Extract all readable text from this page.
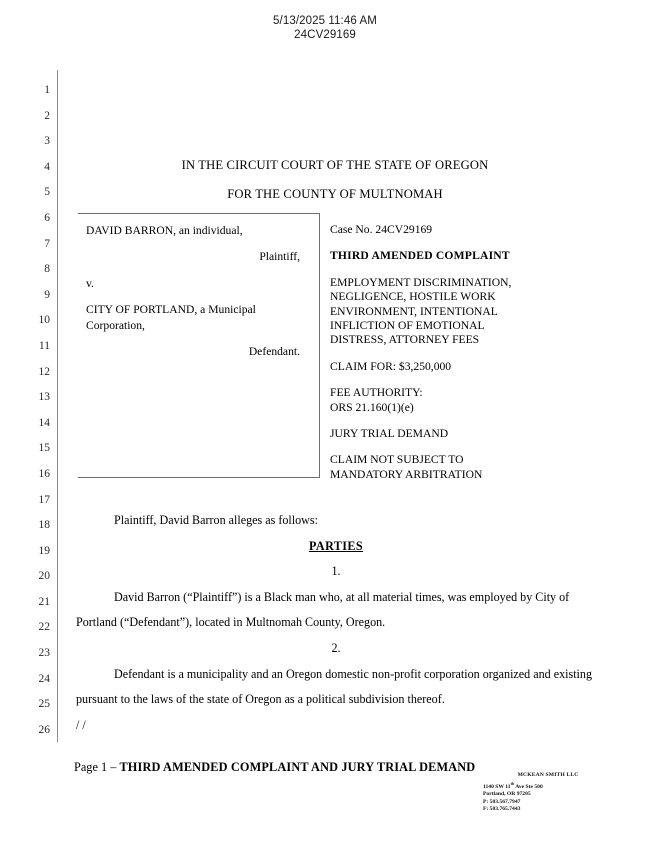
5/13/2025 11:46 AM
24CV29169
1
2
3
4
5
6
7
8
9
10
11
12
13
14
15
16
17
18
19
20
21
22
23
24
25
26
IN THE CIRCUIT COURT OF THE STATE OF OREGON
FOR THE COUNTY OF MULTNOMAH
DAVID BARRON, an individual,
Plaintiff,
v.
CITY OF PORTLAND, a Municipal Corporation,
Defendant.
Case No. 24CV29169
THIRD AMENDED COMPLAINT
EMPLOYMENT DISCRIMINATION, NEGLIGENCE, HOSTILE WORK ENVIRONMENT, INTENTIONAL INFLICTION OF EMOTIONAL DISTRESS, ATTORNEY FEES
CLAIM FOR: $3,250,000
FEE AUTHORITY:
ORS 21.160(1)(e)
JURY TRIAL DEMAND
CLAIM NOT SUBJECT TO
MANDATORY ARBITRATION

Plaintiff, David Barron alleges as follows:

PARTIES

1.

David Barron (“Plaintiff”) is a Black man who, at all material times, was employed by City of Portland (“Defendant”), located in Multnomah County, Oregon.

2.

Defendant is a municipality and an Oregon domestic non-profit corporation organized and existing pursuant to the laws of the state of Oregon as a political subdivision thereof.

/ /

Page 1 – THIRD AMENDED COMPLAINT AND JURY TRIAL DEMAND
MCKEAN SMITH LLC
1140 SW 11th Ave Ste 500
Portland, OR 97205
P: 503.567.7947
F: 503.765.7443
